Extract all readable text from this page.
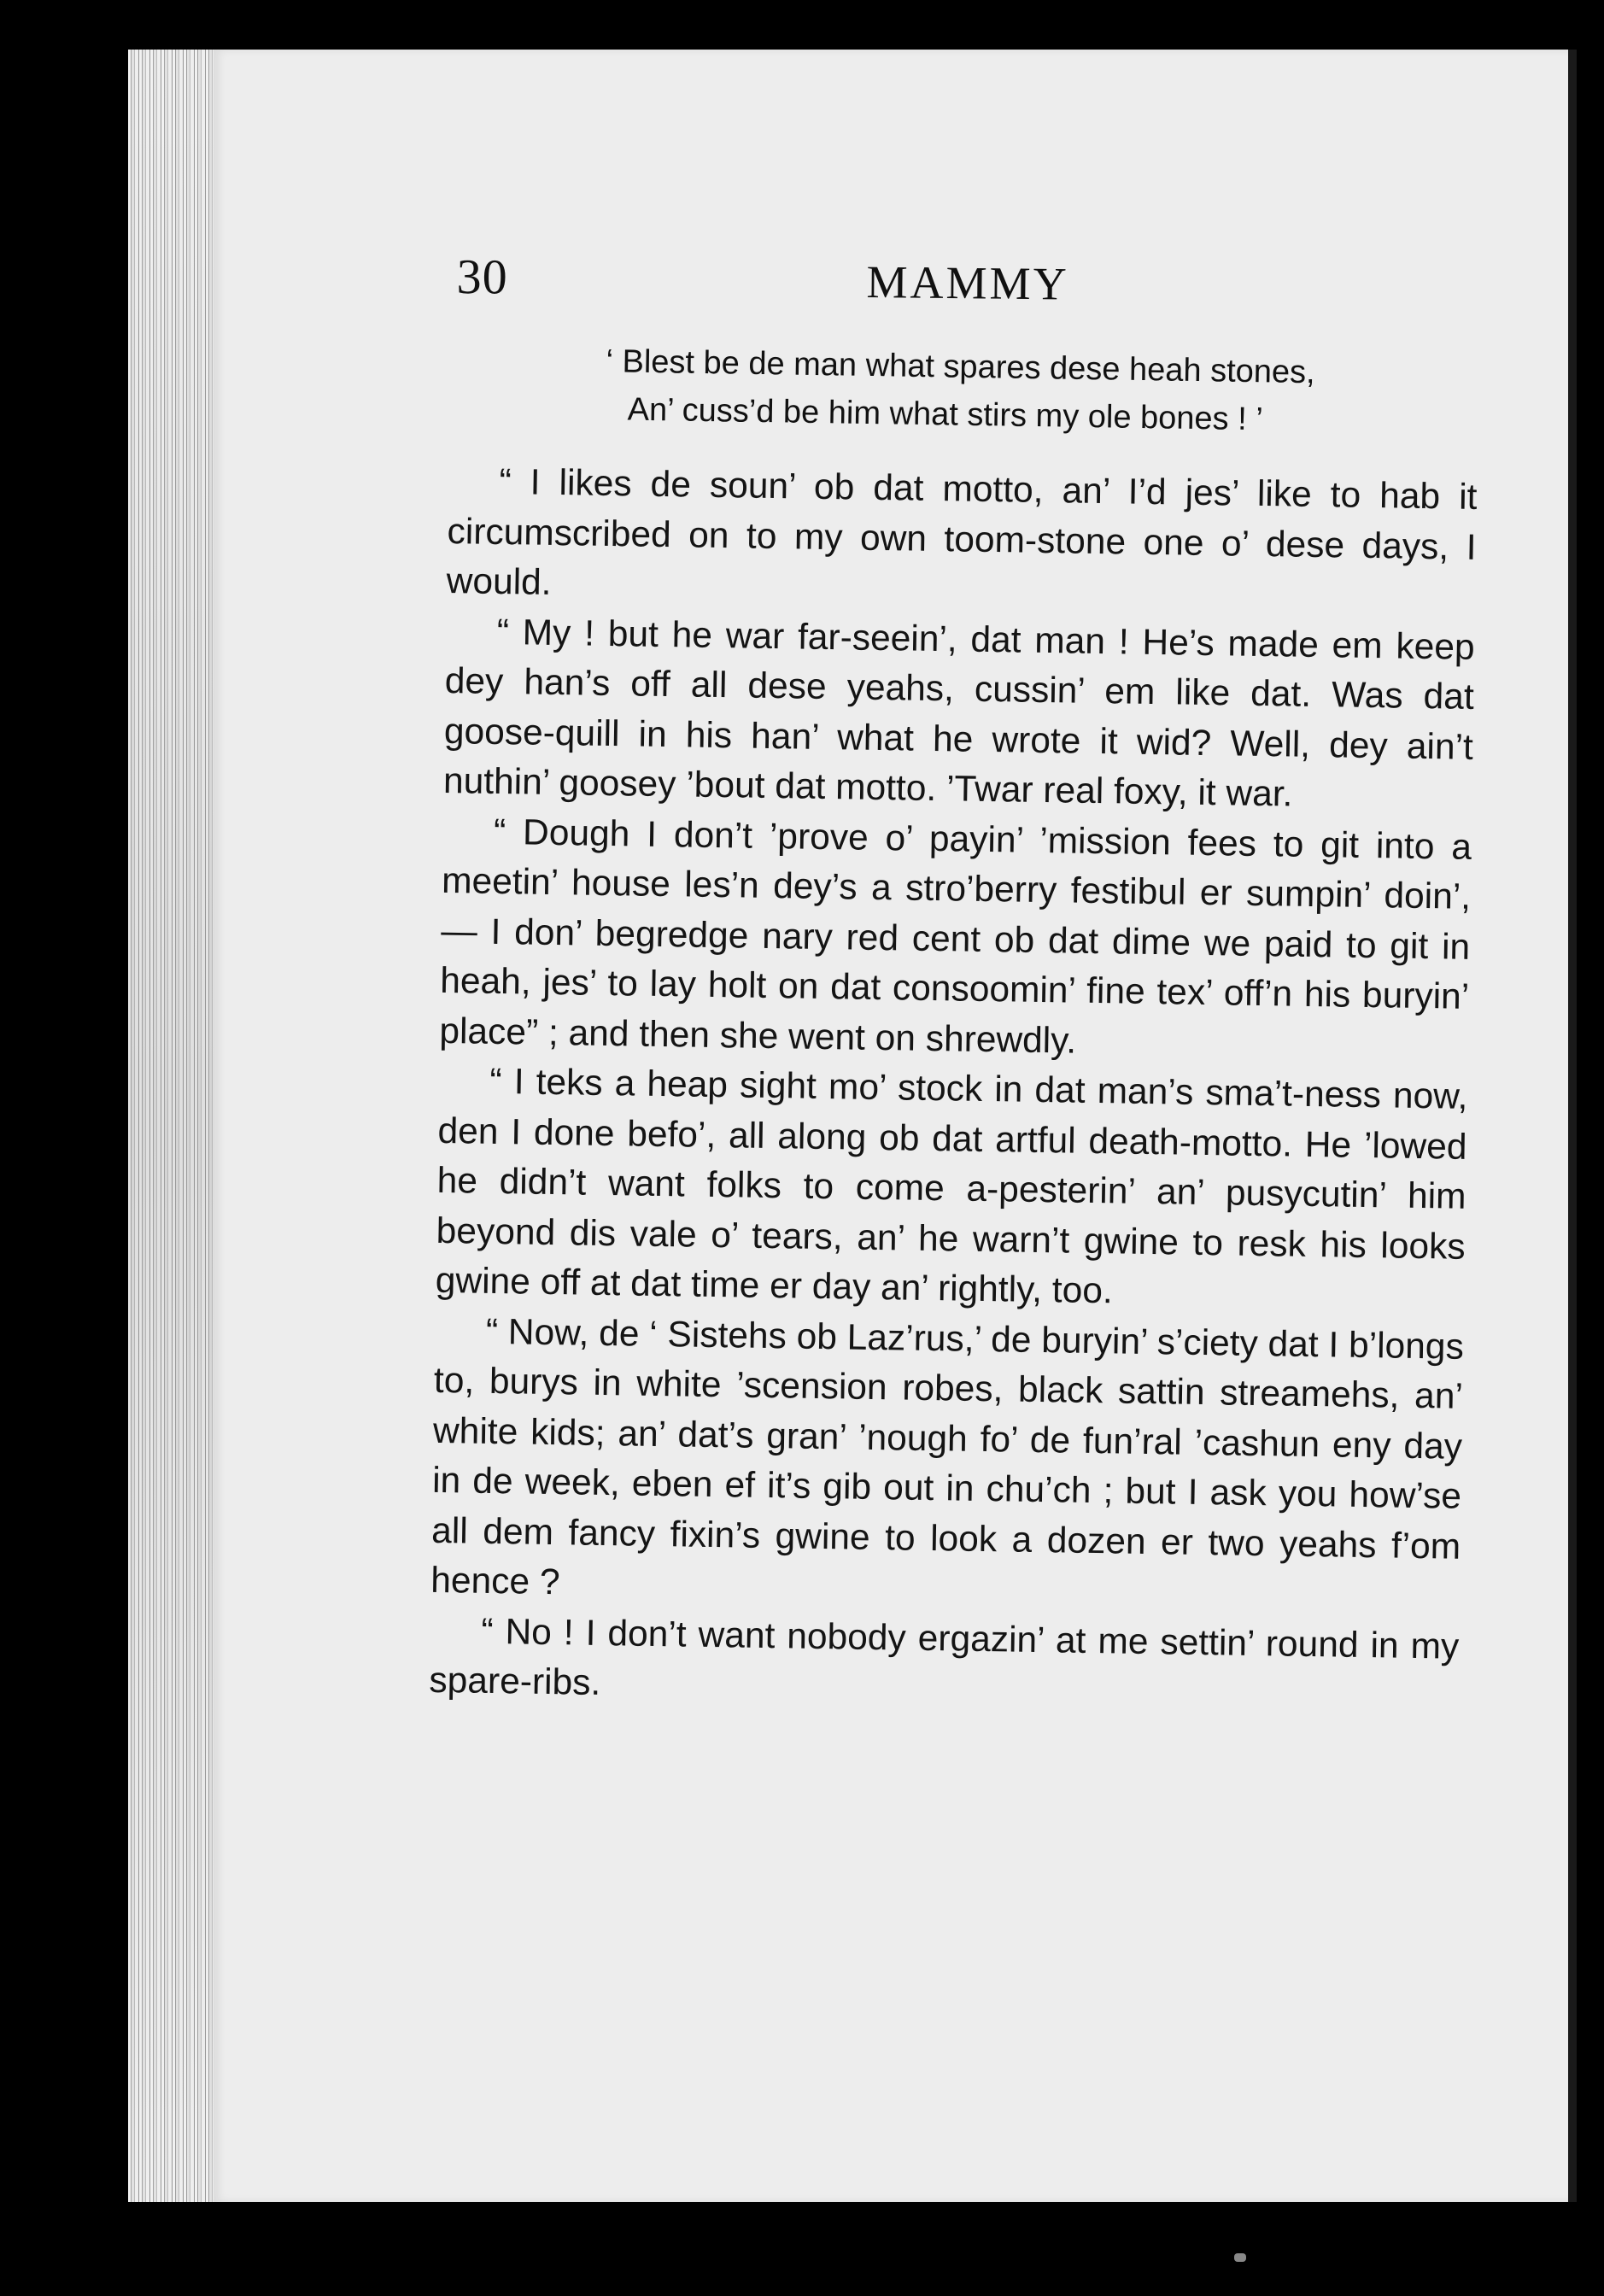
30	MAMMY
‘ Blest be de man what spares dese heah stones,
An’ cuss’d be him what stirs my ole bones ! ’

“ I likes de soun’ ob dat motto, an’ I’d jes’ like to hab it circumscribed on to my own toom-stone one o’ dese days, I would.

“ My ! but he war far-seein’, dat man ! He’s made em keep dey han’s off all dese yeahs, cussin’ em like dat. Was dat goose-quill in his han’ what he wrote it wid? Well, dey ain’t nuthin’ goosey ’bout dat motto. ’Twar real foxy, it war.

“ Dough I don’t ’prove o’ payin’ ’mission fees to git into a meetin’ house les’n dey’s a stro’berry festibul er sumpin’ doin’, — I don’ begredge nary red cent ob dat dime we paid to git in heah, jes’ to lay holt on dat consoomin’ fine tex’ off’n his buryin’ place” ; and then she went on shrewdly.

“ I teks a heap sight mo’ stock in dat man’s sma’t-ness now, den I done befo’, all along ob dat artful death-motto. He ’lowed he didn’t want folks to come a-pesterin’ an’ pusycutin’ him beyond dis vale o’ tears, an’ he warn’t gwine to resk his looks gwine off at dat time er day an’ rightly, too.

“ Now, de ‘ Sistehs ob Laz’rus,’ de buryin’ s’ciety dat I b’longs to, burys in white ’scension robes, black sattin streamehs, an’ white kids; an’ dat’s gran’ ’nough fo’ de fun’ral ’cashun eny day in de week, eben ef it’s gib out in chu’ch ; but I ask you how’se all dem fancy fixin’s gwine to look a dozen er two yeahs f’om hence ?

“ No ! I don’t want nobody ergazin’ at me settin’ round in my spare-ribs.
